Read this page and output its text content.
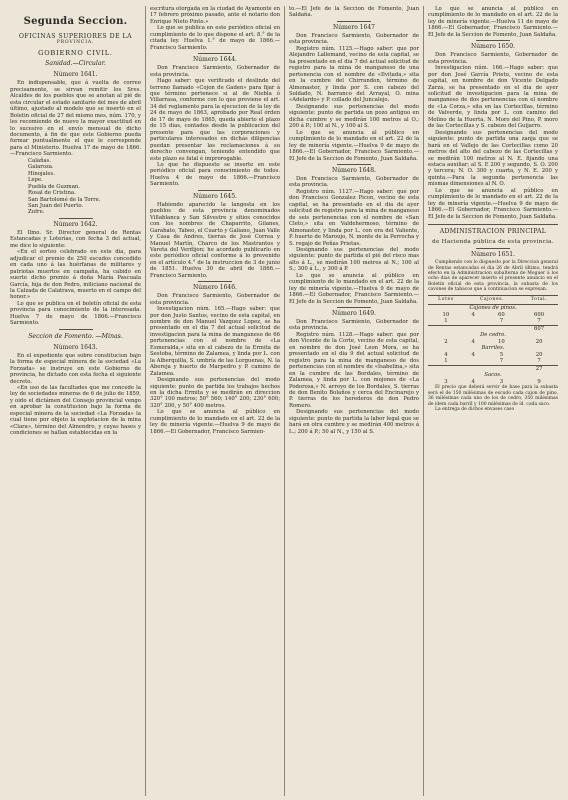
Segunda Seccion.
OFICINAS SUPERIORES DE LA
PROVINCIA.
GOBIERNO CIVIL.
Sanidad.—Circular.
Número 1641.

En indispensable, que á vuelta de correo precisamente, se sirvan remitir los Sres. Alcaldes de los pueblos que se anotan al pié de esta circular el estado sanitario del mes de abril último, ajustado al modelo que se insertó en el Boletin oficial de 27 del mismo mes, núm. 170, y les recomiendo de nuevo la mayor exactitud en lo sucesivo en el envío mensual de dicho documento, á fin de que este Gobierno pueda formar puntualmente el que le corresponde para el Ministerio. Huelva 17 de mayo de 1866.—Francisco Sarmiento.

Calañas.
Galaroza.
Hinojales.
Lepe.
Puebla de Guzman.
Rosal de Cristina.
San Bartolomé de la Torre.
San Juan del Puerto.
Zufre.
Número 1642.

El Ilmo. Sr. Director general de Rentas Estancadas y Loterías, con fecha 3 del actual, me dice lo siguiente:

«En el sorteo celebrado en este dia, para adjudicar el premio de 250 escudos concedido en cada uno á las huérfanas de militares y patriotas muertos en campaña, ha cabido en suerte dicho premio á doña María Pascuala García, hija de don Pedro, miliciano nacional de la Calzada de Calatrava, muerto en el campo del honor.»

Lo que se publica en el boletín oficial de esta provincia para conocimiento de la interesada. Huelva 7 de mayo de 1866.—Francisco Sarmiento.

Seccion de Fomento. —Minas.
Número 1643.

En el expediente que sobre constitucion bajo la forma de especial minera de la sociedad «La Forzada» se instruye en este Gobierno de provincia, he dictado con esta fecha el siguiente decreto.

«En uso de las facultades que me concede la ley de sociedades mineras de 6 de julio de 1859, y oido el dictámen del Consejo provincial vengo en aprobar la constitucion bajo la forma de especial minera de la sociedad «La Forzada» la cual tiene por objeto la explotacion de la mina «Clara», término del Almendro, y cuyas bases y condiciones se hallan establecidas en la

escritura otorgada en la ciudad de Ayamonte en 17 febrero próximo pasado, ante el notario don Enrique Nieto Pinto.»

Lo que se publica en este periódico oficial en cumplimiento de lo que dispone el art. 8.° de la citada ley. Huelva 1.° de mayo de 1866.—Francisco Sarmiento.

Número 1644.

Don Francisco Sarmiento, Gobernador de esta provincia.

Hago saber: que verificado el deslinde del terreno llamado «Cojon de Gaden» para fijar á que término pertenece si al de Niebla ó Villarrasa, conforme con lo que previene el art. 34 del reglamento para la ejecucion de la ley de 24 de mayo de 1863, aprobado por Real órden de 17 de mayo de 1865, queda abierto el plazo de 15 dias, contados desde la publicacion del presente para que las corporaciones y particulares interesados en dichas diligencias puedan presentar las reclamaciones á su derecho convengan, teniendo entendido que este plazo es fatal é improrogable.

Lo que he dispuesto se inserte en este periódico oficial para conocimiento de todos. Huelva 4 de mayo de 1866.—Francisco Sarmiento.

Número 1645.

Habiendo aparecido la langosta en los pueblos de esta provincia denominados Villablanca y San Silvestre y sitios conocidos con los nombres de Chaparrito, Gilanes, Garabato, Tabeo, el Cuarto y Galiano, Juan Valle y Casa de Andres, tierras de José Correa y Manuel Martín, Charco de los Mastrantos y Vareta del Verdijon; he acordado publicarlo en este periódico oficial conforme á lo prevenido en el artículo 4.° de la instruccion de 3 de junio de 1851. Huelva 30 de abril de 1866.—Francisco Sarmiento.

Número 1646.

Don Francisco Sarmiento, Gobernador de esta provincia.

Investigacion núm. 165.—Hago saber: que por don Justo Santos, vecino de esta capital, en nombre de don Manuel Vazquez Lopez, se ha presentado en el dia 7 del actual solicitud de investigacion para la mina de manganeso de 66 pertenencias con el nombre de «La Esmeralda,» sita en el cabezo de la Ermita de Sestoba, término de Zalamea, y linda por L. con la Alberquilla, S. umbría de las Lorguenas, N. la Abereja y huerto de Marpedro y P. camino de Zalamea.

Designando sus pertenencias del modo siguiente: punto de partida los trabajos hechos en la dicha Ermita y se medirán en direccion 320° 100 metros; 50° 560; 140° 200; 230° 600; 320° 200, y 50° 400 metros.

Lo que se anuncia al público en cumplimiento de lo mandado en el art. 22 de la ley de minería vigente.—Huelva 9 de mayo de 1866.—El Gobernador, Francisco Sarmien-

to.—El Jefe de la Seccion de Fomento, Juan Saldaña.

Número 1647

Don Francisco Sarmiento, Gobernador de esta provincia.

Registro núm. 1125.—Hago saber: que por Alejandro Lallemand, vecino de esta capital, se ha presentado en el dia 7 del actual solicitud de registro para la mina de manganeso de una pertenencia con el nombre de «Ilvitada,» sita en la cumbre del Chirrandon, término de Almonaster, y linda por S. con cabezo del Soldado, N. barranco del Arrayal, O. mina «Adelardo» y P. collado del Juncalejo.

Designando sus pertenencias del modo siguiente: punto de partida un pozo antiguo en dicha cumbre y se medirán 100 metros al O.; 200 á P.; 100 al N., y 100 al S.

Lo que se anuncia al público en cumplimiento de lo mandado en el art. 22 de la ley de minería vigente.—Huelva 9 de mayo de 1866.—El Gobernador, Francisco Sarmiento.—El Jefe de la Seccion de Fomento, Juan Saldaña.

Número 1648.

Don Francisco Sarmiento, Gobernador de esta provincia.

Registro núm. 1127.—Hago saber: que por don Francisco Gonzalez Picon, vecino de esta capital, se ha presentado en el dia de ayer solicitud de registro para la mina de manganeso de seis pertenencias con el nombre de «San Cleto,» sita en Valdehermoso, término de Almonaster, y linda por L. con era del Valiente, P. huerto de Maroujo, N. monte de la Perrocha y S. regajo de Peñas Prietas.

Designando sus pertenencias del modo siguiente: punto de partida el pié del risco mas alto á L., se medirán 100 metros al N.; 100 al S.; 300 á L., y 300 á P.

Lo que se anuncia al público en cumplimiento de lo mandado en el art. 22 de la ley de minería vigente.—Huelva 9 de mayo de 1866.—El Gobernador, Francisco Sarmiento.—El Jefe de la Seccion de Fomento, Juan Saldaña.

Número 1649.

Don Francisco Sarmiento, Gobernador de esta provincia.

Registro núm. 1128.—Hago saber: que por don Vicente de la Corte, vecino de esta capital, en nombre de don José Leon Mora, se ha presentado en el dia 9 del actual solicitud de registro para la mina de manganeso de dos pertenencias con el nombre de «Isabelina,» sita en la cumbre de las Bordales, término de Zalamea, y linda por L. con mojones de «La Podorosa,» N. arroyo de los Bordales, S. tierras de don Benito Bolaños y cerca del Encinarejo y P. tierras de los herederos de don Pedro Romero.

Designando sus pertenencias del modo siguiente: punto de partida la labor legal que se hará en otra cumbre y se medirán 400 metros á L.; 200 á P.; 50 al N., y 150 al S.

Lo que se anuncia al público en cumplimiento de lo mandado en el art. 22 de la ley de minería vigente.—Huelva 11 de mayo de 1866.—El Gobernador, Francisco Sarmiento.—El Jefe de la Seccion de Fomento, Juan Saldaña.

Número 1650.

Don Francisco Sarmiento, Gobernador de esta provincia.

Investigacion núm. 166.—Hago saber: que por don José García Prieto, vecino de esta capital, en nombre de don Vicente Delgado Zarza, se ha presentado en el dia de ayer solicitud de investigacion para la mina de manganeso de dos pertenencias con el nombre de «La Corza,» sita en las Cortecillas, término de Valverde, y linda por L. con camino del Molino de la Huerta, N. Moro del Pino, P. moro de las Cortecillas y S. cabezo del Guijarro.

Designando sus pertenencias del modo siguiente: punto de partida una zanja que se hará en el Vallejo de las Cortecillas como 20 metros del alto del cabezo de las Cortecillas y se medirán 100 metros al N. E. fijando una estaca auxiliar; al S. E 200 y segundo, S. O. 200 y tercera; N. O. 300 y cuarta, y N. E. 200 y quinta.—Para la segunda pertenencia las mismas dimensiones al N. O.

Lo que se anuncia al público en cumplimiento de lo mandado en el art. 22 de la ley de minería vigente.—Huelva 9 de mayo de 1866.—El Gobernador, Francisco Sarmiento.—El Jefe de la Seccion de Fomento, Juan Saldaña.

ADMINISTRACION PRINCIPAL
de Hacienda pública de esta provincia.
Número 1651.

Cumpliendo con lo dispuesto por la Direccion general de Rentas estancadas el dia 26 de Abril último, tendrá efecto en la Administracion subalterna de Moguer á los ocho dias de aparecer inserto el presente anuncio en el Boletin oficial de esta provincia, la subasta de los cavones de tabacos que á continuacion se expresan.

Lotes	Cajones.		Total.
Cajones de pinos.			
10	4	60	600
1		7	7
			607
De cedro.			
2	4	10	20
Barriles.			
4	4	5	20
1		7	7
			27
Sacos.			
3	4	3	9

El precio que deberá servir de base para la subasta será el de 150 milésimas de escudo cada cajon de pino, 36 milésimas cada uno de los de cedro, 350 milésimas de ídem cada barril y 100 milésimas de íd. cada saco.

La entrega de dichos envases caso
